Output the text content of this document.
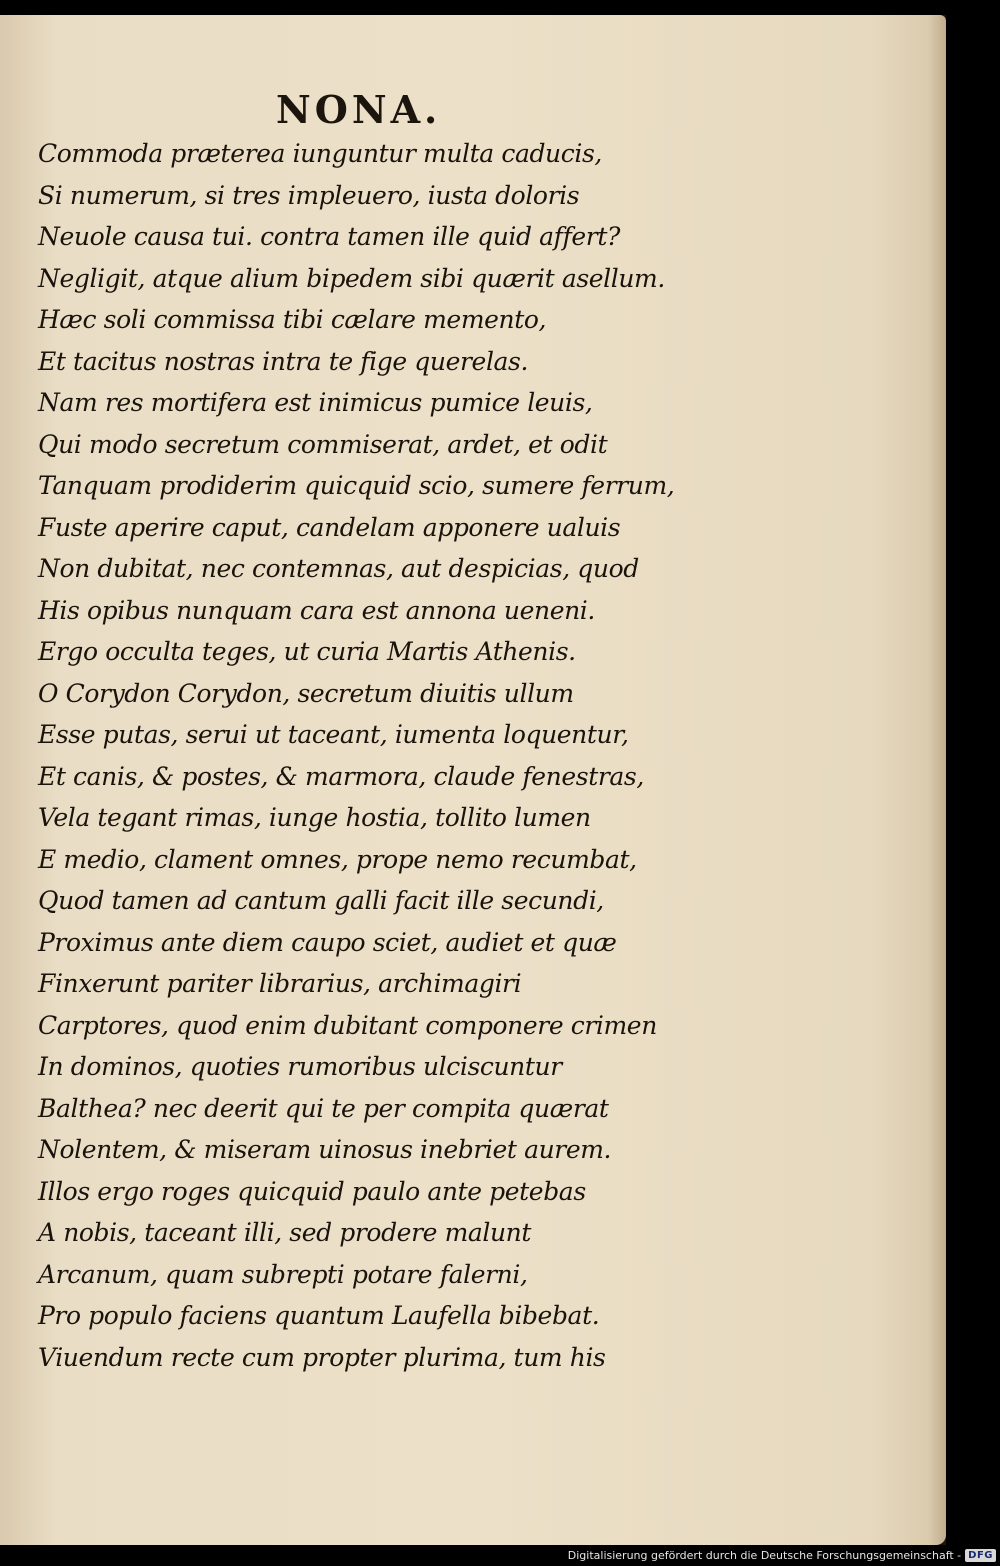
NONA.
Commoda præterea iunguntur multa caducis,
Si numerum, si tres impleuero, iusta doloris
Neuole causa tui. contra tamen ille quid affert?
Negligit, atque alium bipedem sibi quærit asellum.
Hæc soli commissa tibi cælare memento,
Et tacitus nostras intra te fige querelas.
Nam res mortifera est inimicus pumice leuis,
Qui modo secretum commiserat, ardet, et odit
Tanquam prodiderim quicquid scio, sumere ferrum,
Fuste aperire caput, candelam apponere ualuis
Non dubitat, nec contemnas, aut despicias, quod
His opibus nunquam cara est annona ueneni.
Ergo occulta teges, ut curia Martis Athenis.
O Corydon Corydon, secretum diuitis ullum
Esse putas, serui ut taceant, iumenta loquentur,
Et canis, & postes, & marmora, claude fenestras,
Vela tegant rimas, iunge hostia, tollito lumen
E medio, clament omnes, prope nemo recumbat,
Quod tamen ad cantum galli facit ille secundi,
Proximus ante diem caupo sciet, audiet et quæ
Finxerunt pariter librarius, archimagiri
Carptores, quod enim dubitant componere crimen
In dominos, quoties rumoribus ulciscuntur
Balthea? nec deerit qui te per compita quærat
Nolentem, & miseram uinosus inebriet aurem.
Illos ergo roges quicquid paulo ante petebas
A nobis, taceant illi, sed prodere malunt
Arcanum, quam subrepti potare falerni,
Pro populo faciens quantum Laufella bibebat.
Viuendum recte cum propter plurima, tum his
Digitalisierung gefördert durch die Deutsche Forschungsgemeinschaft - DFG
